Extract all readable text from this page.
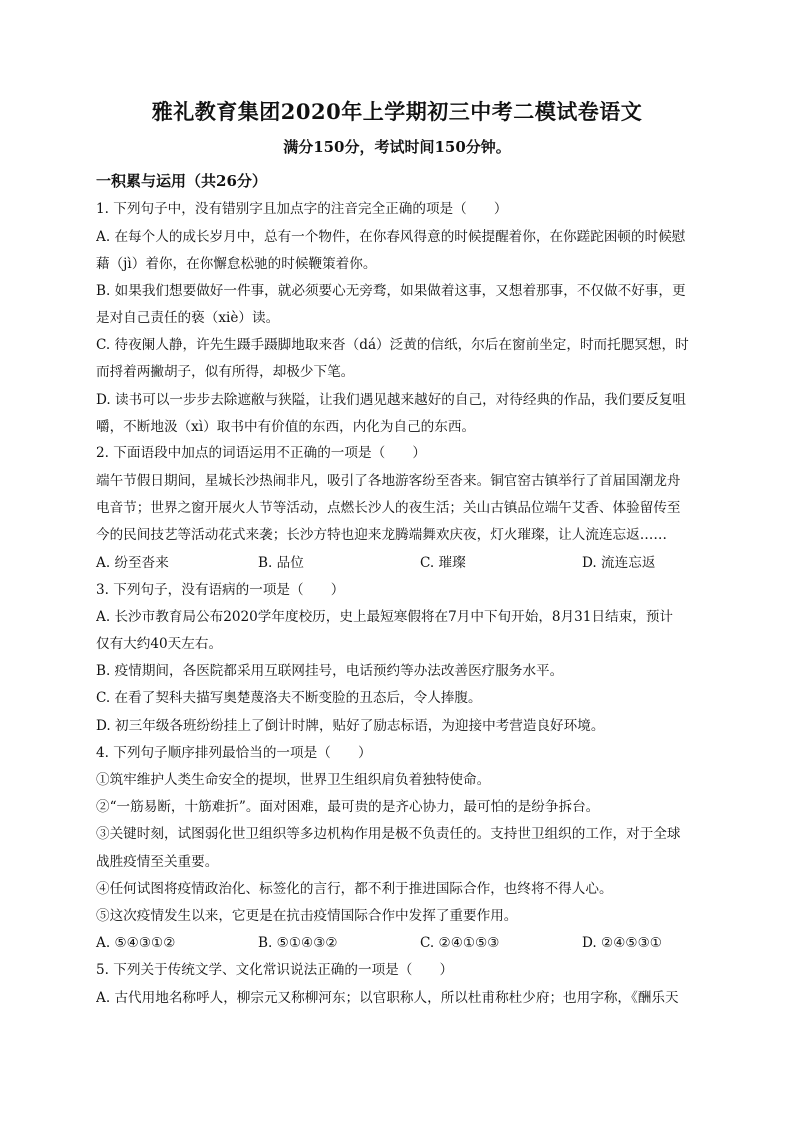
雅礼教育集团2020年上学期初三中考二模试卷语文
满分150分，考试时间150分钟。
一积累与运用（共26分）
1. 下列句子中，没有错别字且加点字的注音完全正确的项是（　　）
A. 在每个人的成长岁月中，总有一个物件，在你春风得意的时候提醒着你，在你蹉跎困顿的时候慰
藉（jì）着你，在你懈怠松驰的时候鞭策着你。
B. 如果我们想要做好一件事，就必须要心无旁骛，如果做着这事，又想着那事，不仅做不好事，更
是对自己责任的亵（xiè）读。
C. 待夜阑人静，许先生蹑手蹑脚地取来沓（dá）泛黄的信纸，尔后在窗前坐定，时而托腮冥想，时
而捋着两撇胡子，似有所得，却极少下笔。
D. 读书可以一步步去除遮敝与狭隘，让我们遇见越来越好的自己，对待经典的作品，我们要反复咀
嚼，不断地汲（xì）取书中有价值的东西，内化为自己的东西。
2. 下面语段中加点的词语运用不正确的一项是（　　）
端午节假日期间，星城长沙热闹非凡，吸引了各地游客纷至沓来。铜官窑古镇举行了首届国潮龙舟
电音节；世界之窗开展火人节等活动，点燃长沙人的夜生活；关山古镇品位端午艾香、体验留传至
今的民间技艺等活动花式来袭；长沙方特也迎来龙腾端舞欢庆夜，灯火璀璨，让人流连忘返……
A. 纷至沓来	B. 品位	C. 璀璨	D. 流连忘返
3. 下列句子，没有语病的一项是（　　）
A. 长沙市教育局公布2020学年度校历，史上最短寒假将在7月中下旬开始，8月31日结束，预计
仅有大约40天左右。
B. 疫情期间，各医院都采用互联网挂号，电话预约等办法改善医疗服务水平。
C. 在看了契科夫描写奥楚蔑洛夫不断变脸的丑态后，令人捧腹。
D. 初三年级各班纷纷挂上了倒计时牌，贴好了励志标语，为迎接中考营造良好环境。
4. 下列句子顺序排列最恰当的一项是（　　）
①筑牢维护人类生命安全的提坝，世界卫生组织肩负着独特使命。
②“一筋易断，十筋难折”。面对困难，最可贵的是齐心协力，最可怕的是纷争拆台。
③关键时刻，试图弱化世卫组织等多边机构作用是极不负责任的。支持世卫组织的工作，对于全球
战胜疫情至关重要。
④任何试图将疫情政治化、标签化的言行，都不利于推进国际合作，也终将不得人心。
⑤这次疫情发生以来，它更是在抗击疫情国际合作中发挥了重要作用。
A. ⑤④③①②	B. ⑤①④③②	C. ②④①⑤③	D. ②④⑤③①
5. 下列关于传统文学、文化常识说法正确的一项是（　　）
A. 古代用地名称呼人，柳宗元又称柳河东；以官职称人，所以杜甫称杜少府；也用字称，《酬乐天
